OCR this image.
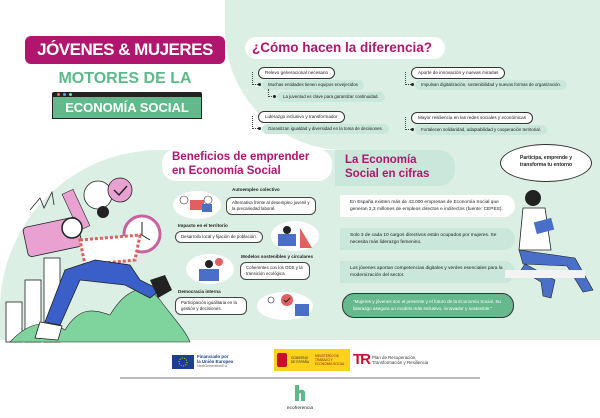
JÓVENES & MUJERES
MOTORES DE LA
ECONOMÍA SOCIAL
¿Cómo hacen la diferencia?
Relevo generacional necesario
Muchas entidades tienen equipos envejecidos
La juventud es clave para garantizar continuidad.
Liderazgo inclusivo y transformador
Garantizan igualdad y diversidad en la toma de decisiones.
Aporte de innovación y nuevas miradas
Impulsan digitalización, sostenibilidad y nuevas formas de organización.
Mayor resiliencia en las redes sociales y económicas
Fortalecen solidaridad, adaptabilidad y cooperación territorial.
Beneficios de emprender
en Economía Social
Autoempleo colectivo
Alternativa frente al desempleo juvenil y la precariedad laboral.
Impacto en el territorio
Desarrollo local y fijación de población.
Modelos sostenibles y circulares
Coherentes con los ODS y la transición ecológica.
Democracia interna
Participación igualitaria en la gestión y decisiones.
La Economía
Social en cifras
En España existen más de 43.000 empresas de Economía Social que generan 2,3 millones de empleos directos e indirectos (fuente: CEPES).
Solo 3 de cada 10 cargos directivos están ocupados por mujeres. Se necesita más liderazgo femenino.
Los jóvenes aportan competencias digitales y verdes esenciales para la modernización del sector.
"Mujeres y jóvenes son el presente y el futuro de la Economía Social. Su liderazgo asegura un modelo más inclusivo, innovador y sostenible."
Participa, emprende y transforma tu entorno
Financiado por
la Unión Europea
NextGenerationEU
GOBIERNO DE ESPAÑA
MINISTERIO DE TRABAJO Y ECONOMÍA SOCIAL TR Plan de Recuperación,
Transformación y Resiliencia
ecoherencia
